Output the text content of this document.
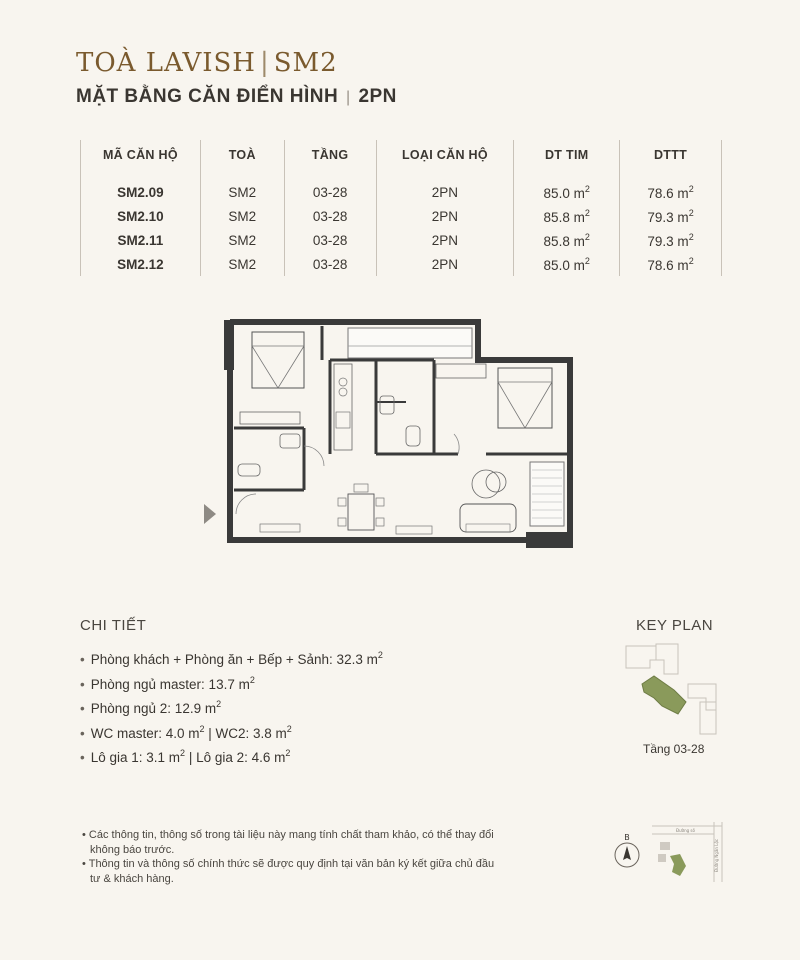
TOÀ LAVISH | SM2
MẶT BẰNG CĂN ĐIỂN HÌNH | 2PN
MÃ CĂN HỘ	TOÀ	TẦNG	LOẠI CĂN HỘ	DT TIM	DTTT

SM2.09	SM2	03-28	2PN	85.0 $m^2$	78.6 $m^2$
SM2.10	SM2	03-28	2PN	85.8 $m^2$	79.3 $m^2$
SM2.11	SM2	03-28	2PN	85.8 $m^2$	79.3 $m^2$
SM2.12	SM2	03-28	2PN	85.0 $m^2$	78.6 $m^2$
CHI TIẾT
• Phòng khách + Phòng ăn + Bếp + Sảnh: 32.3 $m^2$
• Phòng ngủ master: 13.7 $m^2$
• Phòng ngủ 2: 12.9 $m^2$
• WC master: 4.0 $m^2$ | WC2: 3.8 $m^2$
• Lô gia 1: 3.1 $m^2$ | Lô gia 2: 4.6 $m^2$
KEY PLAN
Tầng 03-28
• Các thông tin, thông số trong tài liệu này mang tính chất tham khảo, có thể thay đổi không báo trước.
• Thông tin và thông số chính thức sẽ được quy định tại văn bản ký kết giữa chủ đầu tư & khách hàng.
B
Đường số
Đường Ngân Lộc
